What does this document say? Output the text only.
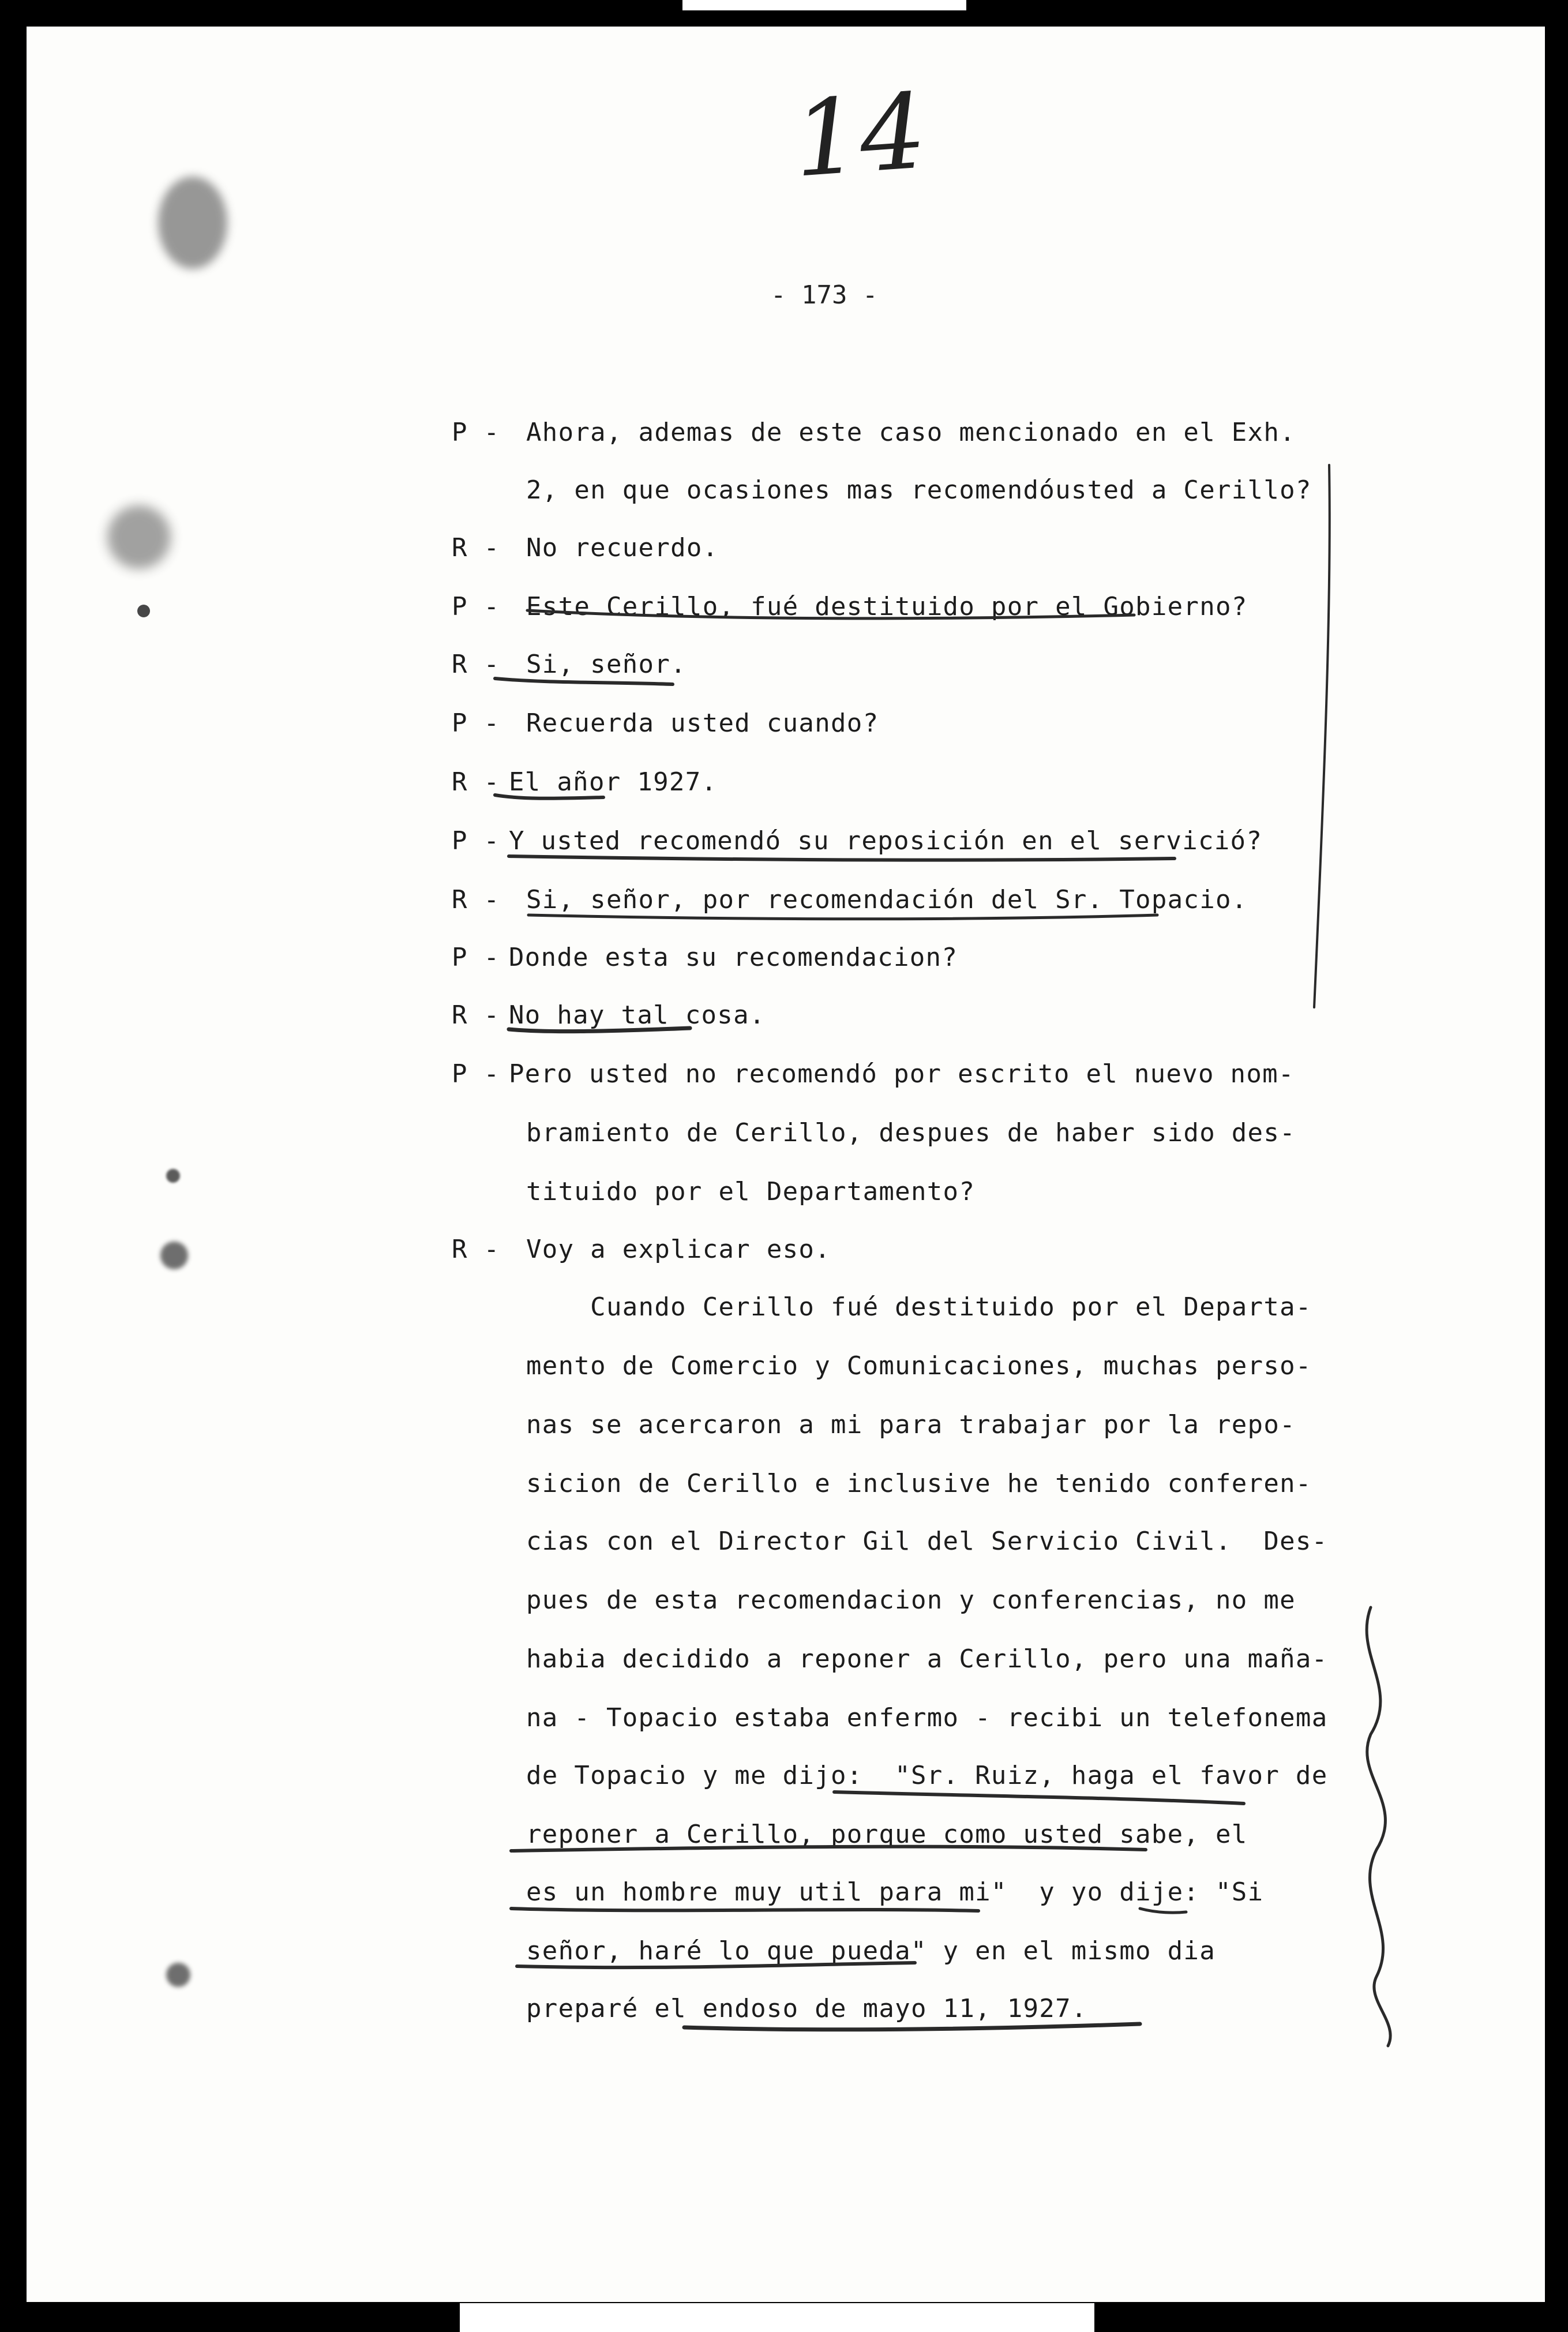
14
- 173 -
P - Ahora, ademas de este caso mencionado en el Exh.
2, en que ocasiones mas recomendóusted a Cerillo?
R - No recuerdo.
P - Este Cerillo, fué destituido por el Gobierno?
R - Si, señor.
P - Recuerda usted cuando?
R - El añor 1927.
P - Y usted recomendó su reposición en el servició?
R - Si, señor, por recomendación del Sr. Topacio.
P - Donde esta su recomendacion?
R - No hay tal cosa.
P - Pero usted no recomendó por escrito el nuevo nom-
bramiento de Cerillo, despues de haber sido des-
tituido por el Departamento?
R - Voy a explicar eso.
Cuando Cerillo fué destituido por el Departa-
mento de Comercio y Comunicaciones, muchas perso-
nas se acercaron a mi para trabajar por la repo-
sicion de Cerillo e inclusive he tenido conferen-
cias con el Director Gil del Servicio Civil.  Des-
pues de esta recomendacion y conferencias, no me
habia decidido a reponer a Cerillo, pero una maña-
na - Topacio estaba enfermo - recibi un telefonema
de Topacio y me dijo:  "Sr. Ruiz, haga el favor de
reponer a Cerillo, porque como usted sabe, el
es un hombre muy util para mi"  y yo dije: "Si
señor, haré lo que pueda" y en el mismo dia
preparé el endoso de mayo 11, 1927.
